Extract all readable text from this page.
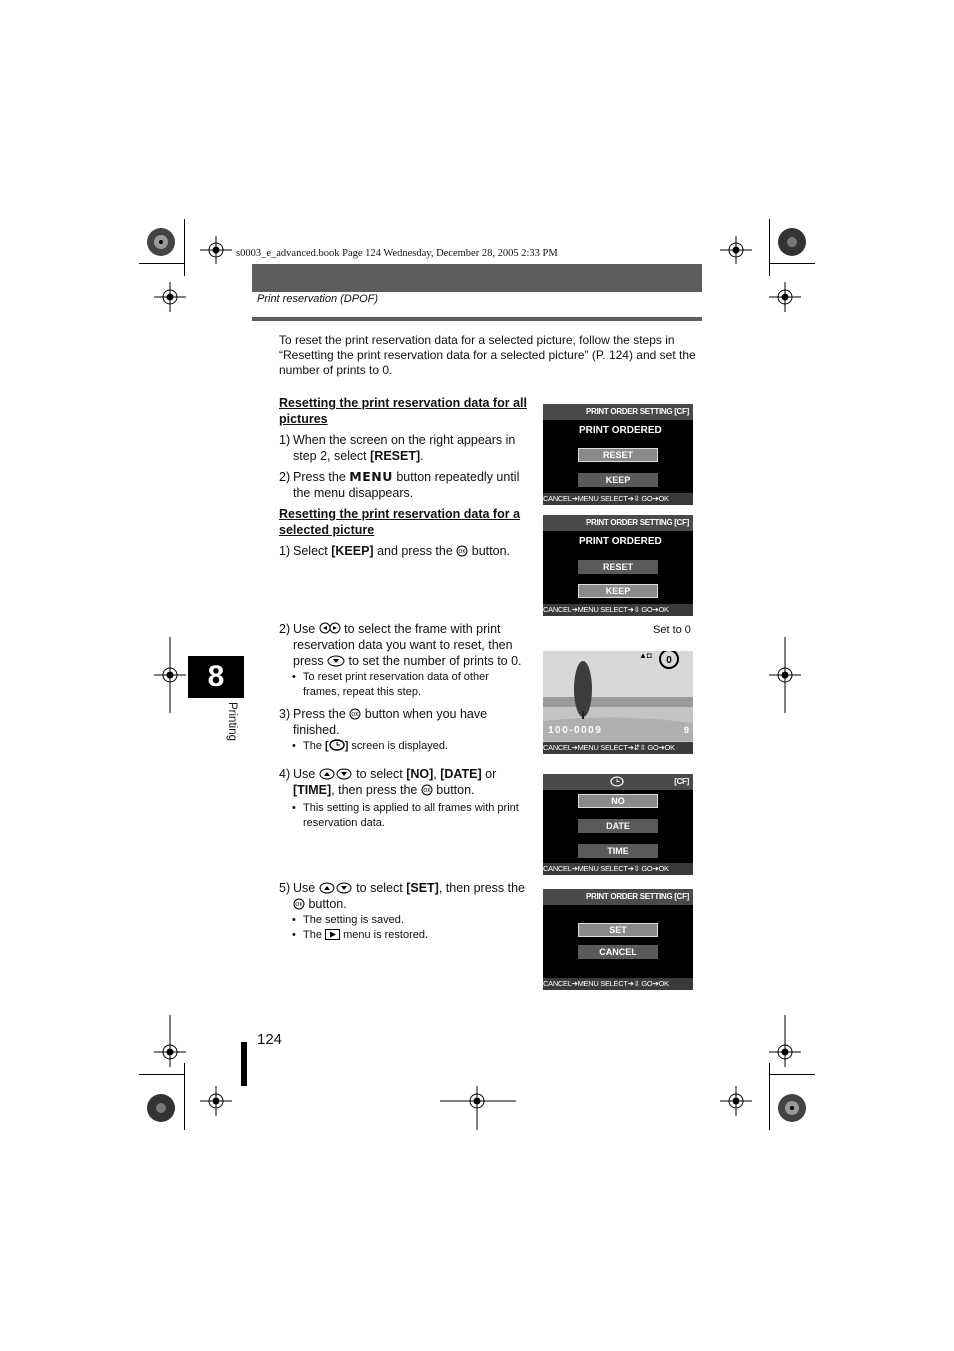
s0003_e_advanced.book Page 124 Wednesday, December 28, 2005 2:33 PM
Print reservation (DPOF)
8
Printing
124
To reset the print reservation data for a selected picture, follow the steps in “Resetting the print reservation data for a selected picture” (P. 124) and set the number of prints to 0.
Resetting the print reservation data for all pictures
1) When the screen on the right appears in step 2, select [RESET].
2) Press the MENU button repeatedly until the menu disappears.
Resetting the print reservation data for a selected picture
1) Select [KEEP] and press the OK button.
2) Use  to select the frame with print reservation data you want to reset, then press  to set the number of prints to 0.
• To reset print reservation data of other frames, repeat this step.
3) Press the OK button when you have finished.
• The [ ] screen is displayed.
4) Use	to select [NO], [DATE] or [TIME], then press the OK button.
• This setting is applied to all frames with print reservation data.
5) Use	to select [SET], then press the
OK button.
• The setting is saved.
• The  menu is restored.
PRINT ORDER SETTING [CF]
PRINT ORDERED
RESET
KEEP
CANCEL➔MENU SELECT➔⇳ GO➔OK
PRINT ORDER SETTING [CF]
PRINT ORDERED
RESET
KEEP
CANCEL➔MENU SELECT➔⇳ GO➔OK
Set to 0
▲◘	0
100-0009	9
CANCEL➔MENU SELECT➔⇵⇳ GO➔OK
[CF]
NO
DATE
TIME
CANCEL➔MENU SELECT➔⇳ GO➔OK
PRINT ORDER SETTING [CF]
SET
CANCEL
CANCEL➔MENU SELECT➔⇳ GO➔OK
